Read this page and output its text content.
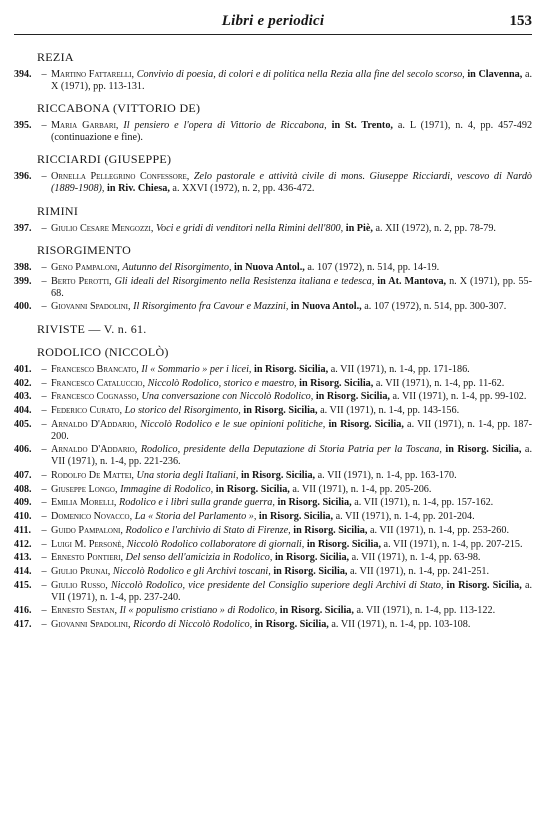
Libri e periodici	153
REZIA
394. – Martino Fattarelli, Convivio di poesia, di colori e di politica nella Rezia alla fine del secolo scorso, in Clavenna, a. X (1971), pp. 113-131.
RICCABONA (VITTORIO DE)
395. – Maria Garbari, Il pensiero e l'opera di Vittorio de Riccabona, in St. Trento, a. L (1971), n. 4, pp. 457-492 (continuazione e fine).
RICCIARDI (GIUSEPPE)
396. – Ornella Pellegrino Confessore, Zelo pastorale e attività civile di mons. Giuseppe Ricciardi, vescovo di Nardò (1889-1908), in Riv. Chiesa, a. XXVI (1972), n. 2, pp. 436-472.
RIMINI
397. – Giulio Cesare Mengozzi, Voci e gridi di venditori nella Rimini dell'800, in Piè, a. XII (1972), n. 2, pp. 78-79.
RISORGIMENTO
398. – Geno Pampaloni, Autunno del Risorgimento, in Nuova Antol., a. 107 (1972), n. 514, pp. 14-19.
399. – Berto Perotti, Gli ideali del Risorgimento nella Resistenza italiana e tedesca, in At. Mantova, n. X (1971), pp. 55-68.
400. – Giovanni Spadolini, Il Risorgimento fra Cavour e Mazzini, in Nuova Antol., a. 107 (1972), n. 514, pp. 300-307.
RIVISTE — V. n. 61.
RODOLICO (NICCOLÒ)
401. – Francesco Brancato, Il « Sommario » per i licei, in Risorg. Sicilia, a. VII (1971), n. 1-4, pp. 171-186.
402. – Francesco Cataluccio, Niccolò Rodolico, storico e maestro, in Risorg. Sicilia, a. VII (1971), n. 1-4, pp. 11-62.
403. – Francesco Cognasso, Una conversazione con Niccolò Rodolico, in Risorg. Sicilia, a. VII (1971), n. 1-4, pp. 99-102.
404. – Federico Curato, Lo storico del Risorgimento, in Risorg. Sicilia, a. VII (1971), n. 1-4, pp. 143-156.
405. – Arnaldo D'Addario, Niccolò Rodolico e le sue opinioni politiche, in Risorg. Sicilia, a. VII (1971), n. 1-4, pp. 187-200.
406. – Arnaldo D'Addario, Rodolico, presidente della Deputazione di Storia Patria per la Toscana, in Risorg. Sicilia, a. VII (1971), n. 1-4, pp. 221-236.
407. – Rodolfo De Mattei, Una storia degli Italiani, in Risorg. Sicilia, a. VII (1971), n. 1-4, pp. 163-170.
408. – Giuseppe Longo, Immagine di Rodolico, in Risorg. Sicilia, a. VII (1971), n. 1-4, pp. 205-206.
409. – Emilia Morelli, Rodolico e i libri sulla grande guerra, in Risorg. Sicilia, a. VII (1971), n. 1-4, pp. 157-162.
410. – Domenico Novacco, La « Storia del Parlamento », in Risorg. Sicilia, a. VII (1971), n. 1-4, pp. 201-204.
411.	– Guido Pampaloni, Rodolico e l'archivio di Stato di Firenze, in Risorg. Sicilia, a. VII (1971), n. 1-4, pp. 253-260.
412. – Luigi M. Personè, Niccolò Rodolico collaboratore di giornali, in Risorg. Sicilia, a. VII (1971), n. 1-4, pp. 207-215.
413. – Ernesto Pontieri, Del senso dell'amicizia in Rodolico, in Risorg. Sicilia, a. VII (1971), n. 1-4, pp. 63-98.
414. – Giulio Prunai, Niccolò Rodolico e gli Archivi toscani, in Risorg. Sicilia, a. VII (1971), n. 1-4, pp. 241-251.
415. – Giulio Russo, Niccolò Rodolico, vice presidente del Consiglio superiore degli Archivi di Stato, in Risorg. Sicilia, a. VII (1971), n. 1-4, pp. 237-240.
416. – Ernesto Sestan, Il « populismo cristiano » di Rodolico, in Risorg. Sicilia, a. VII (1971), n. 1-4, pp. 113-122.
417. – Giovanni Spadolini, Ricordo di Niccolò Rodolico, in Risorg. Sicilia, a. VII (1971), n. 1-4, pp. 103-108.
